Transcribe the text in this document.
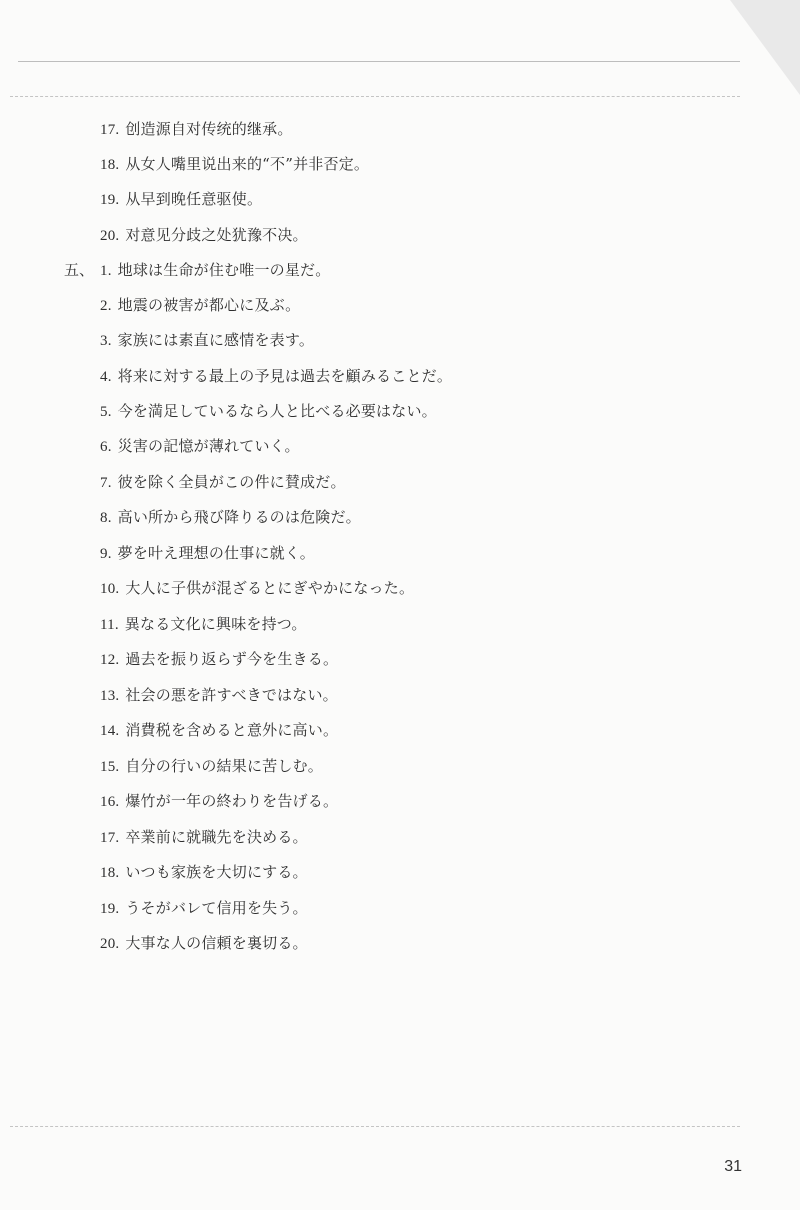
17. 创造源自对传统的继承。
18. 从女人嘴里说出来的“不”并非否定。
19. 从早到晚任意驱使。
20. 对意见分歧之处犹豫不决。
五、 1. 地球は生命が住む唯一の星だ。
2. 地震の被害が都心に及ぶ。
3. 家族には素直に感情を表す。
4. 将来に対する最上の予見は過去を顧みることだ。
5. 今を満足しているなら人と比べる必要はない。
6. 災害の記憶が薄れていく。
7. 彼を除く全員がこの件に賛成だ。
8. 高い所から飛び降りるのは危険だ。
9. 夢を叶え理想の仕事に就く。
10. 大人に子供が混ざるとにぎやかになった。
11. 異なる文化に興味を持つ。
12. 過去を振り返らず今を生きる。
13. 社会の悪を許すべきではない。
14. 消費税を含めると意外に高い。
15. 自分の行いの結果に苦しむ。
16. 爆竹が一年の終わりを告げる。
17. 卒業前に就職先を決める。
18. いつも家族を大切にする。
19. うそがバレて信用を失う。
20. 大事な人の信頼を裏切る。
31
